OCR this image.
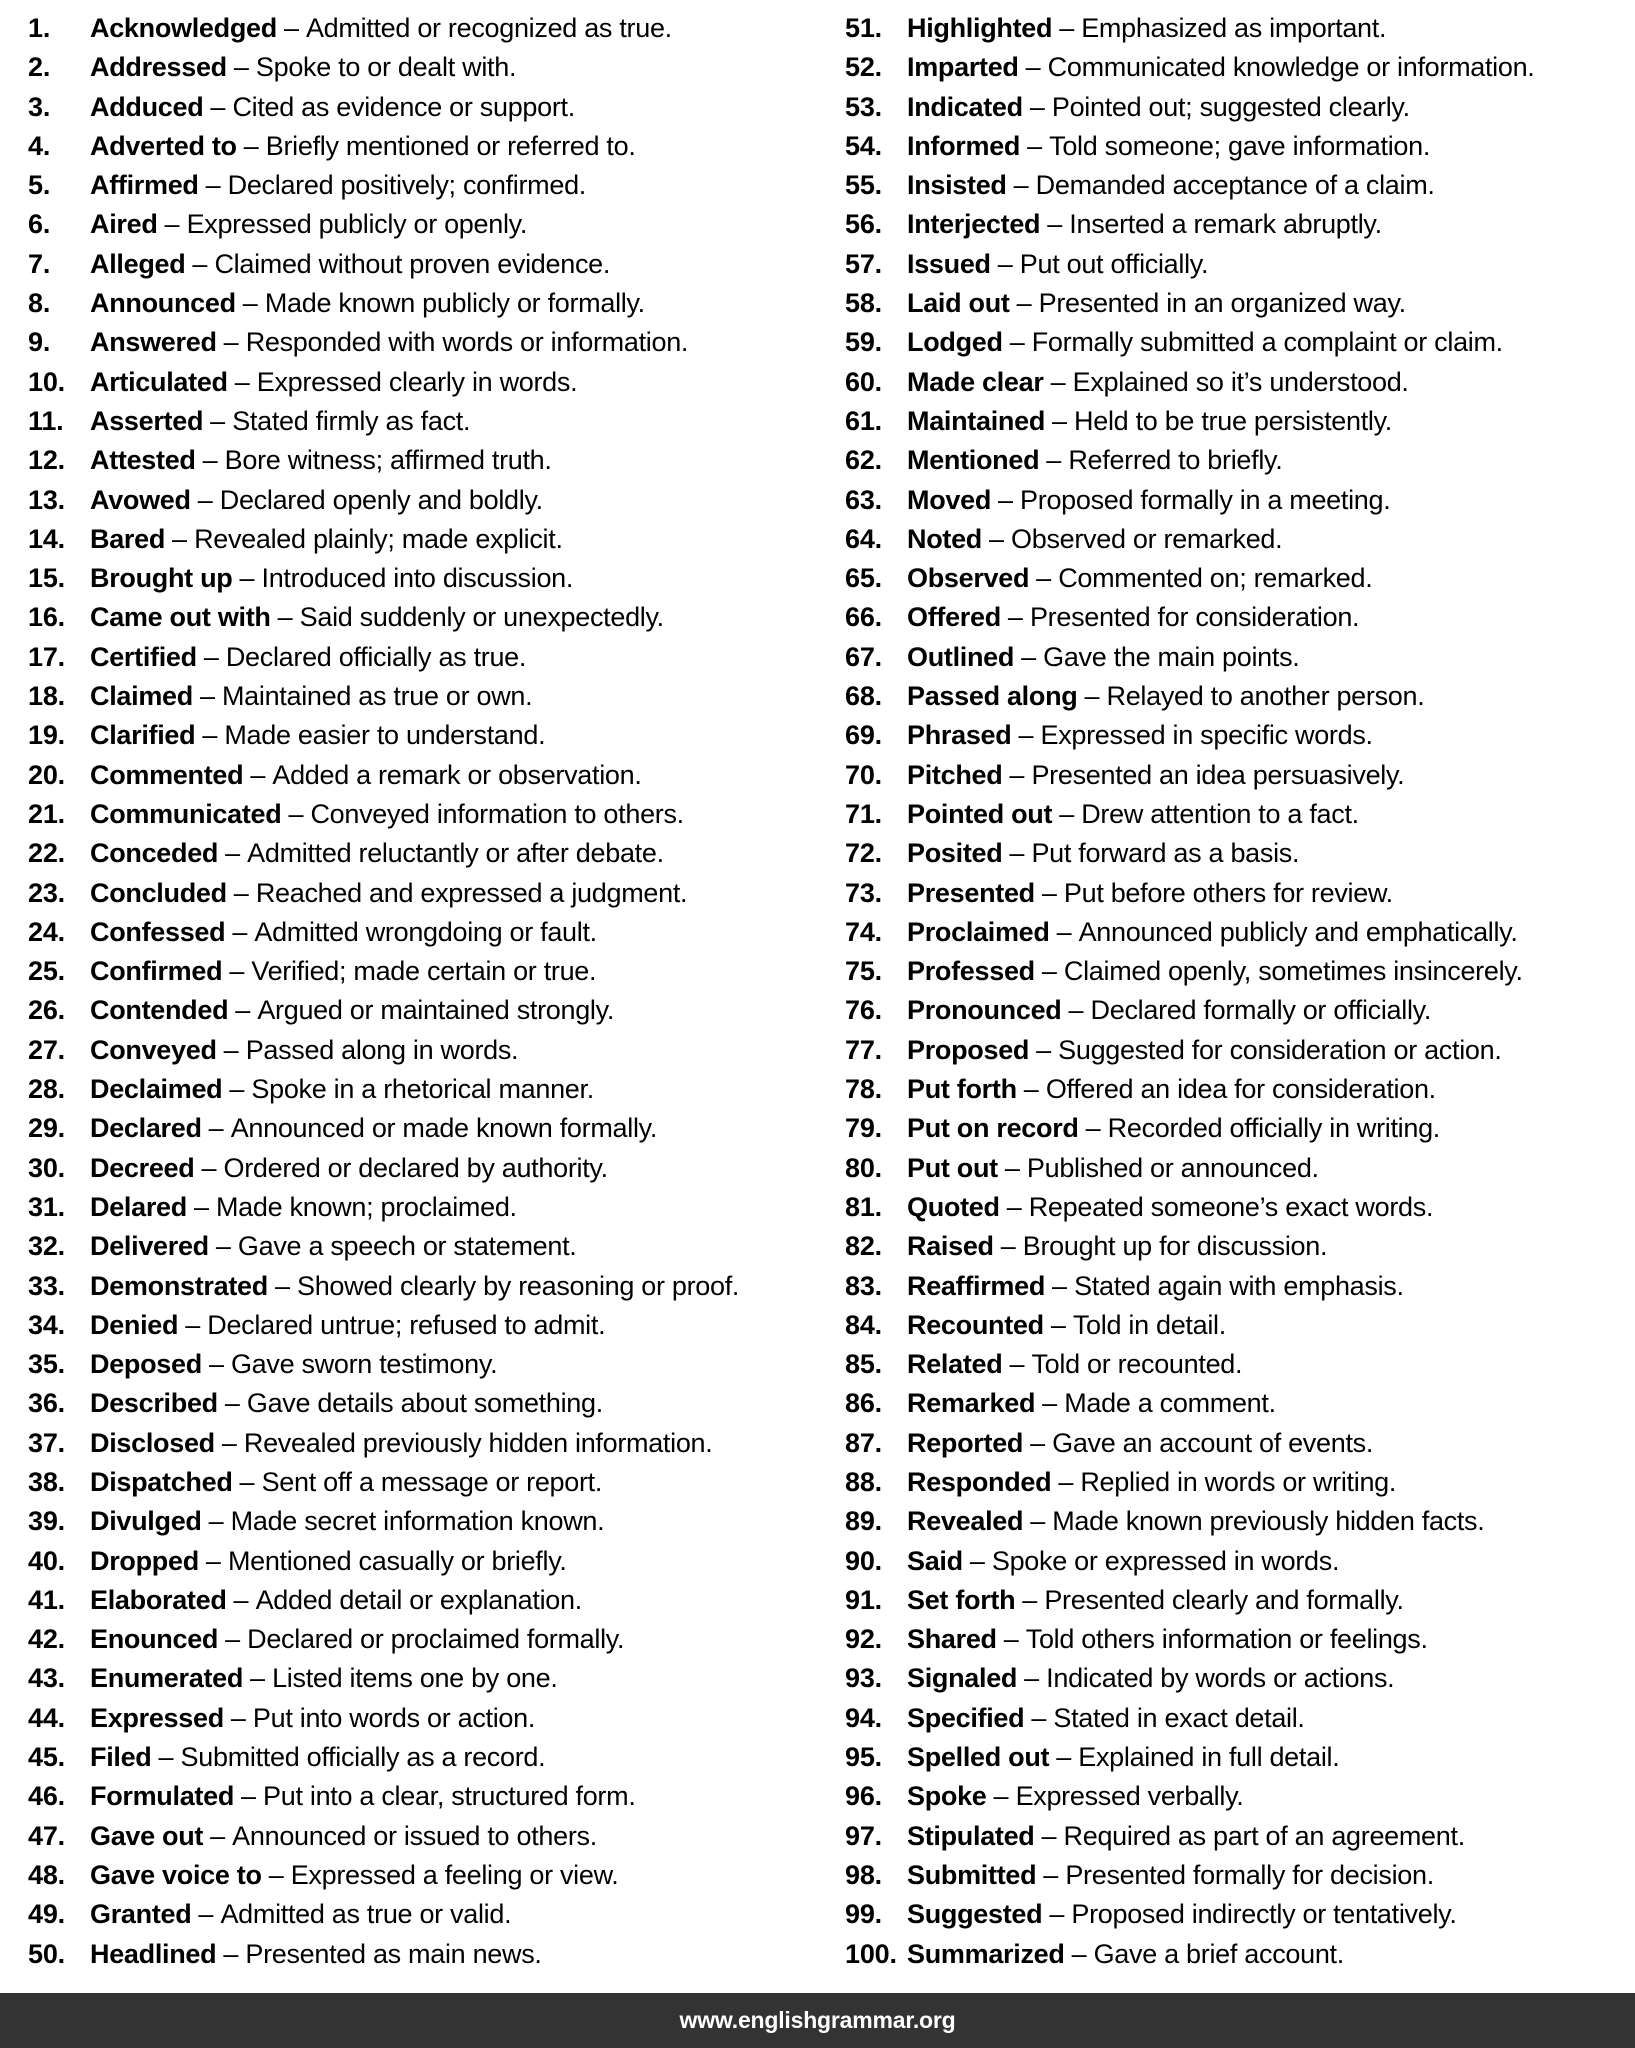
1.	Acknowledged – Admitted or recognized as true.
2.	Addressed – Spoke to or dealt with.
3.	Adduced – Cited as evidence or support.
4.	Adverted to – Briefly mentioned or referred to.
5.	Affirmed – Declared positively; confirmed.
6.	Aired – Expressed publicly or openly.
7.	Alleged – Claimed without proven evidence.
8.	Announced – Made known publicly or formally.
9.	Answered – Responded with words or information.
10. Articulated – Expressed clearly in words.
11. Asserted – Stated firmly as fact.
12. Attested – Bore witness; affirmed truth.
13. Avowed – Declared openly and boldly.
14. Bared – Revealed plainly; made explicit.
15. Brought up – Introduced into discussion.
16. Came out with – Said suddenly or unexpectedly.
17. Certified – Declared officially as true.
18. Claimed – Maintained as true or own.
19. Clarified – Made easier to understand.
20. Commented – Added a remark or observation.
21. Communicated – Conveyed information to others.
22. Conceded – Admitted reluctantly or after debate.
23. Concluded – Reached and expressed a judgment.
24. Confessed – Admitted wrongdoing or fault.
25. Confirmed – Verified; made certain or true.
26. Contended – Argued or maintained strongly.
27. Conveyed – Passed along in words.
28. Declaimed – Spoke in a rhetorical manner.
29. Declared – Announced or made known formally.
30. Decreed – Ordered or declared by authority.
31. Delared – Made known; proclaimed.
32. Delivered – Gave a speech or statement.
33. Demonstrated – Showed clearly by reasoning or proof.
34. Denied – Declared untrue; refused to admit.
35. Deposed – Gave sworn testimony.
36. Described – Gave details about something.
37. Disclosed – Revealed previously hidden information.
38. Dispatched – Sent off a message or report.
39. Divulged – Made secret information known.
40. Dropped – Mentioned casually or briefly.
41. Elaborated – Added detail or explanation.
42. Enounced – Declared or proclaimed formally.
43. Enumerated – Listed items one by one.
44. Expressed – Put into words or action.
45. Filed – Submitted officially as a record.
46. Formulated – Put into a clear, structured form.
47. Gave out – Announced or issued to others.
48. Gave voice to – Expressed a feeling or view.
49. Granted – Admitted as true or valid.
50. Headlined – Presented as main news.
51. Highlighted – Emphasized as important.
52. Imparted – Communicated knowledge or information.
53. Indicated – Pointed out; suggested clearly.
54. Informed – Told someone; gave information.
55. Insisted – Demanded acceptance of a claim.
56. Interjected – Inserted a remark abruptly.
57. Issued – Put out officially.
58. Laid out – Presented in an organized way.
59. Lodged – Formally submitted a complaint or claim.
60. Made clear – Explained so it’s understood.
61. Maintained – Held to be true persistently.
62. Mentioned – Referred to briefly.
63. Moved – Proposed formally in a meeting.
64. Noted – Observed or remarked.
65. Observed – Commented on; remarked.
66. Offered – Presented for consideration.
67. Outlined – Gave the main points.
68. Passed along – Relayed to another person.
69. Phrased – Expressed in specific words.
70. Pitched – Presented an idea persuasively.
71. Pointed out – Drew attention to a fact.
72. Posited – Put forward as a basis.
73. Presented – Put before others for review.
74. Proclaimed – Announced publicly and emphatically.
75. Professed – Claimed openly, sometimes insincerely.
76. Pronounced – Declared formally or officially.
77. Proposed – Suggested for consideration or action.
78. Put forth – Offered an idea for consideration.
79. Put on record – Recorded officially in writing.
80. Put out – Published or announced.
81. Quoted – Repeated someone’s exact words.
82. Raised – Brought up for discussion.
83. Reaffirmed – Stated again with emphasis.
84. Recounted – Told in detail.
85. Related – Told or recounted.
86. Remarked – Made a comment.
87. Reported – Gave an account of events.
88. Responded – Replied in words or writing.
89. Revealed – Made known previously hidden facts.
90. Said – Spoke or expressed in words.
91. Set forth – Presented clearly and formally.
92. Shared – Told others information or feelings.
93. Signaled – Indicated by words or actions.
94. Specified – Stated in exact detail.
95. Spelled out – Explained in full detail.
96. Spoke – Expressed verbally.
97. Stipulated – Required as part of an agreement.
98. Submitted – Presented formally for decision.
99. Suggested – Proposed indirectly or tentatively.
100. Summarized – Gave a brief account.
www.englishgrammar.org
